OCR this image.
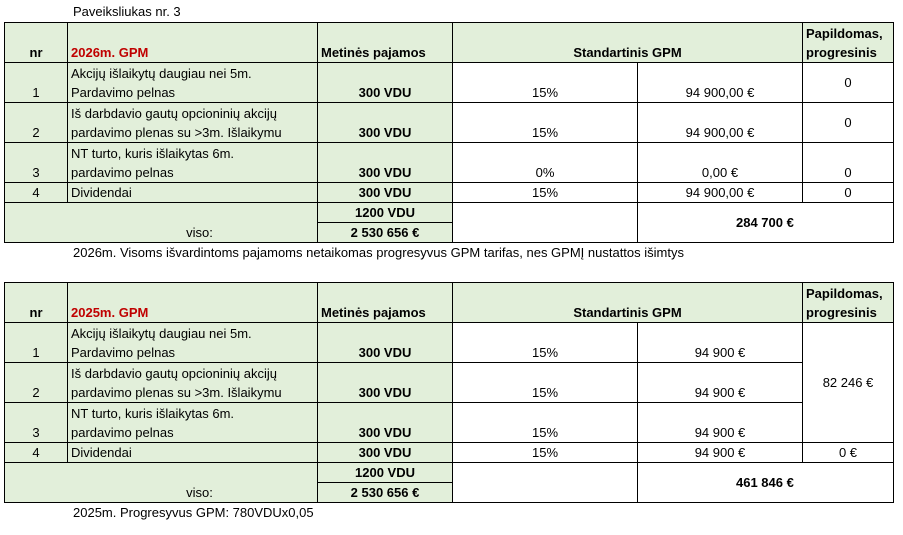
Paveiksliukas nr. 3
nr	2026m. GPM	Metinės pajamos	Standartinis GPM		Papildomas,
progresinis

1	Akcijų išlaikytų daugiau nei 5m.
Pardavimo pelnas	300 VDU	15%	94 900,00 €	0
2	Iš darbdavio gautų opcioninių akcijų
pardavimo plenas su >3m. Išlaikymu	300 VDU	15%	94 900,00 €	0
3	NT turto, kuris išlaikytas 6m.
pardavimo pelnas	300 VDU	0%	0,00 €	0
4	Dividendai	300 VDU	15%	94 900,00 €	0
viso:		1200 VDU		284 700 €	
		2 530 656 €			
2026m. Visoms išvardintoms pajamoms netaikomas progresyvus GPM tarifas, nes GPMĮ nustattos išimtys
nr	2025m. GPM	Metinės pajamos	Standartinis GPM		Papildomas,
progresinis

1	Akcijų išlaikytų daugiau nei 5m.
Pardavimo pelnas	300 VDU	15%	94 900 €	82 246 €
2	Iš darbdavio gautų opcioninių akcijų
pardavimo plenas su >3m. Išlaikymu	300 VDU	15%	94 900 €	
3	NT turto, kuris išlaikytas 6m.
pardavimo pelnas	300 VDU	15%	94 900 €	
4	Dividendai	300 VDU	15%	94 900 €	0 €
viso:		1200 VDU		461 846 €	
		2 530 656 €			
2025m. Progresyvus GPM: 780VDUx0,05
